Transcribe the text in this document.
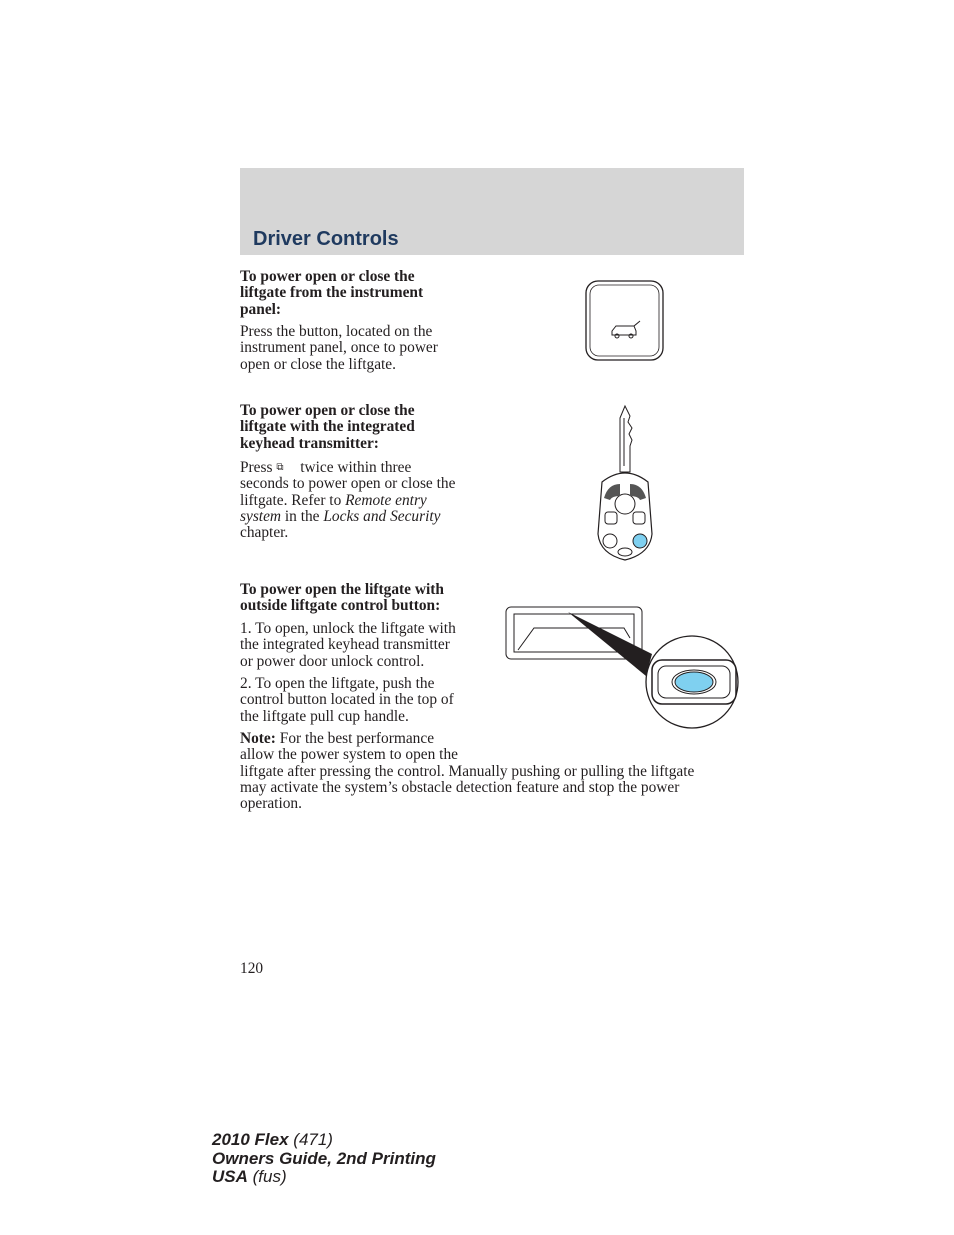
Driver Controls
To power open or close the
liftgate from the instrument
panel:
Press the button, located on the
instrument panel, once to power
open or close the liftgate.
To power open or close the
liftgate with the integrated
keyhead transmitter:
Press ⧉ twice within three
seconds to power open or close the
liftgate. Refer to Remote entry
system in the Locks and Security
chapter.
To power open the liftgate with
outside liftgate control button:
1. To open, unlock the liftgate with
the integrated keyhead transmitter
or power door unlock control.
2. To open the liftgate, push the
control button located in the top of
the liftgate pull cup handle.
Note: For the best performance
allow the power system to open the
liftgate after pressing the control. Manually pushing or pulling the liftgate
may activate the system’s obstacle detection feature and stop the power
operation.
120
2010 Flex (471)
Owners Guide, 2nd Printing
USA (fus)
